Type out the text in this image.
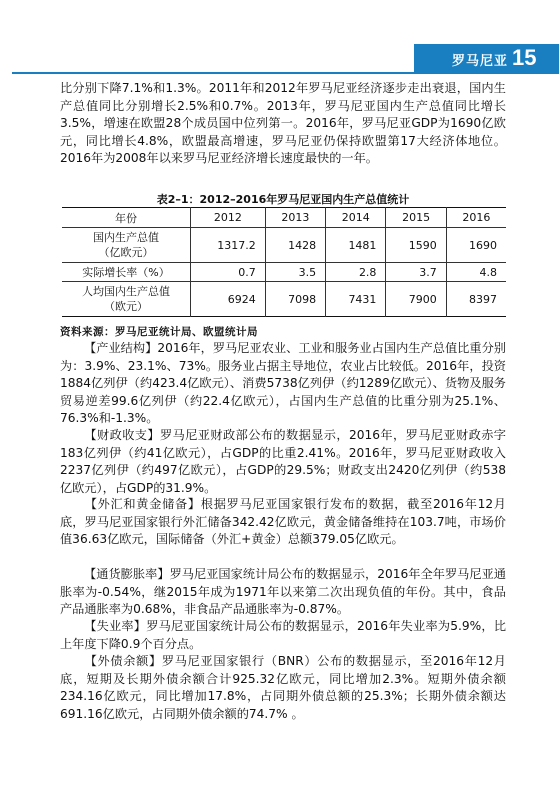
罗马尼亚 15
比分别下降7.1%和1.3%。2011年和2012年罗马尼亚经济逐步走出衰退，国内生产总值同比分别增长2.5%和0.7%。2013年，罗马尼亚国内生产总值同比增长3.5%，增速在欧盟28个成员国中位列第一。2016年，罗马尼亚GDP为1690亿欧元，同比增长4.8%，欧盟最高增速，罗马尼亚仍保持欧盟第17大经济体地位。2016年为2008年以来罗马尼亚经济增长速度最快的一年。
表2–1：2012–2016年罗马尼亚国内生产总值统计
年份	2012	2013	2014	2015	2016

国内生产总值
（亿欧元）	1317.2	1428	1481	1590	1690

实际增长率（%）	0.7	3.5	2.8	3.7	4.8

人均国内生产总值
（欧元）	6924	7098	7431	7900	8397
资料来源：罗马尼亚统计局、欧盟统计局
【产业结构】2016年，罗马尼亚农业、工业和服务业占国内生产总值比重分别为：3.9%、23.1%、73%。服务业占据主导地位，农业占比较低。2016年，投资1884亿列伊（约423.4亿欧元）、消费5738亿列伊（约1289亿欧元）、货物及服务贸易逆差99.6亿列伊（约22.4亿欧元），占国内生产总值的比重分别为25.1%、76.3%和-1.3%。
【财政收支】罗马尼亚财政部公布的数据显示，2016年，罗马尼亚财政赤字183亿列伊（约41亿欧元），占GDP的比重2.41%。2016年，罗马尼亚财政收入2237亿列伊（约497亿欧元），占GDP的29.5%；财政支出2420亿列伊（约538亿欧元），占GDP的31.9%。
【外汇和黄金储备】根据罗马尼亚国家银行发布的数据，截至2016年12月底，罗马尼亚国家银行外汇储备342.42亿欧元，黄金储备维持在103.7吨，市场价值36.63亿欧元，国际储备（外汇+黄金）总额379.05亿欧元。
【通货膨胀率】罗马尼亚国家统计局公布的数据显示，2016年全年罗马尼亚通胀率为-0.54%，继2015年成为1971年以来第二次出现负值的年份。其中，食品产品通胀率为0.68%，非食品产品通胀率为-0.87%。
【失业率】罗马尼亚国家统计局公布的数据显示，2016年失业率为5.9%，比上年度下降0.9个百分点。
【外债余额】罗马尼亚国家银行（BNR）公布的数据显示，至2016年12月底，短期及长期外债余额合计925.32亿欧元，同比增加2.3%。短期外债余额234.16亿欧元，同比增加17.8%，占同期外债总额的25.3%；长期外债余额达691.16亿欧元，占同期外债余额的74.7% 。
